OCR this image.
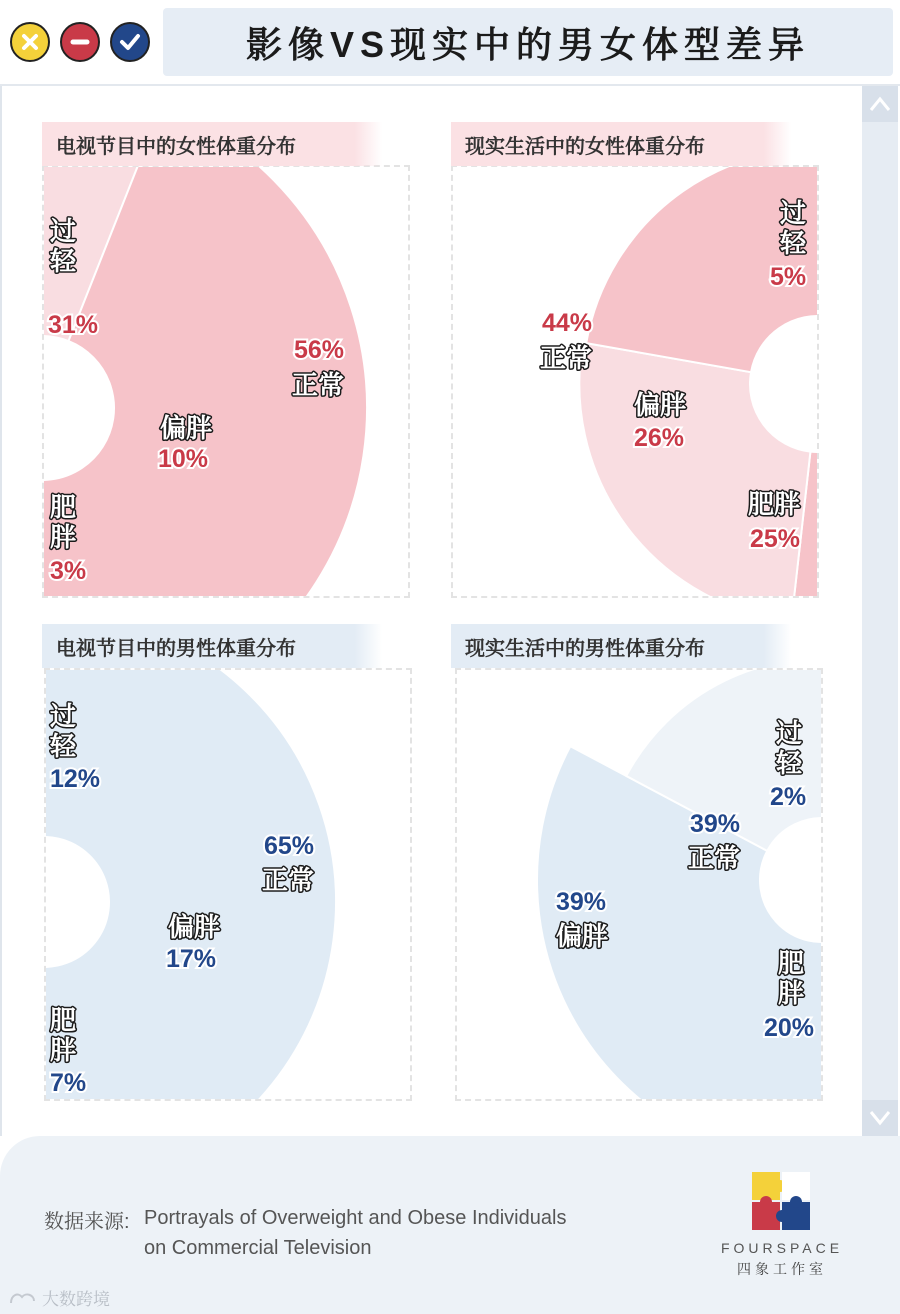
影像VS现实中的男女体型差异
电视节目中的女性体重分布	现实生活中的女性体重分布
电视节目中的男性体重分布	现实生活中的男性体重分布
过
轻
31%
正常
56%
偏胖
10%
肥
胖
3%
过
轻
5%
正常
44%
偏胖
26%
肥胖
25%
过
轻
12%
正常
65%
偏胖
17%
肥
胖
7%
过
轻
2%
正常
39%
偏胖
39%
肥
胖
20%
数据来源: Portrayals of Overweight and Obese Individuals
on Commercial Television	FOURSPACE
四象工作室
大数跨境
